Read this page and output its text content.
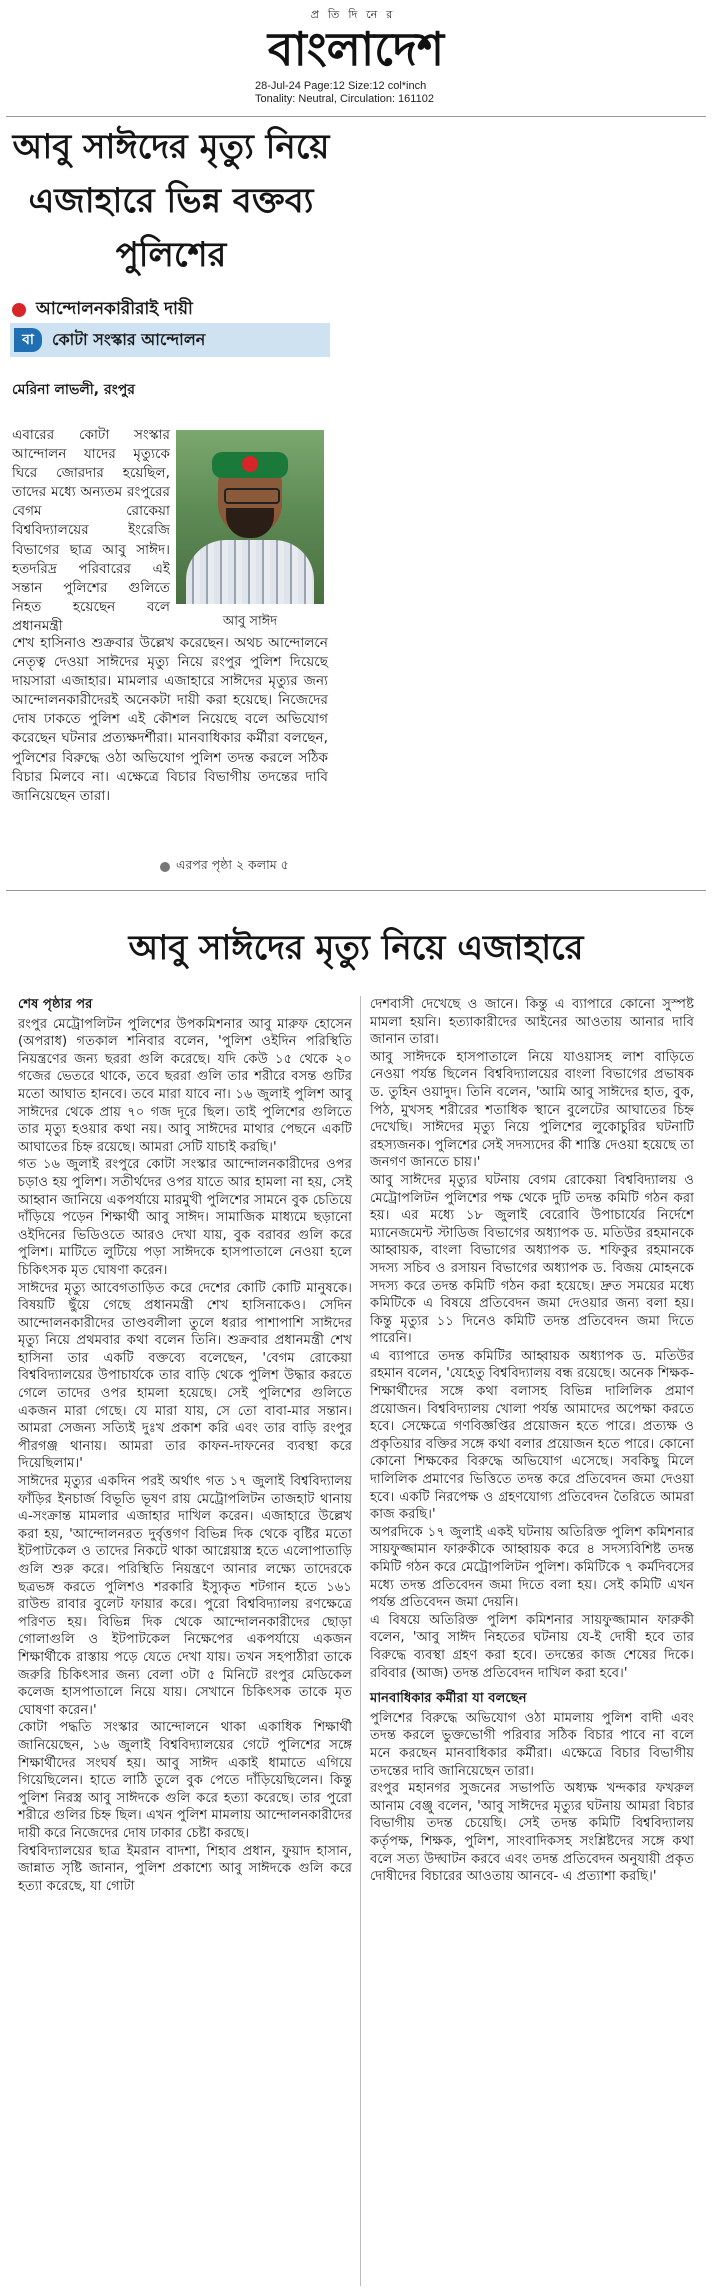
প্রতিদিনের
বাংলাদেশ
28-Jul-24 Page:12 Size:12 col*inch
Tonality: Neutral, Circulation: 161102
আবু সাঈদের মৃত্যু নিয়ে এজাহারে ভিন্ন বক্তব্য পুলিশের
আন্দোলনকারীরাই দায়ী
বা	কোটা সংস্কার আন্দোলন
মেরিনা লাভলী, রংপুর
এবারের কোটা সংস্কার আন্দোলন যাদের মৃত্যুকে ঘিরে জোরদার হয়েছিল, তাদের মধ্যে অন্যতম রংপুরের বেগম রোকেয়া বিশ্ববিদ্যালয়ের ইংরেজি বিভাগের ছাত্র আবু সাঈদ। হতদরিদ্র পরিবারের এই সন্তান পুলিশের গুলিতে নিহত হয়েছেন বলে প্রধানমন্ত্রী	আবু সাঈদ
শেখ হাসিনাও শুক্রবার উল্লেখ করেছেন। অথচ আন্দোলনে নেতৃত্ব দেওয়া সাঈদের মৃত্যু নিয়ে রংপুর পুলিশ দিয়েছে দায়সারা এজাহার। মামলার এজাহারে সাঈদের মৃত্যুর জন্য আন্দোলনকারীদেরই অনেকটা দায়ী করা হয়েছে। নিজেদের দোষ ঢাকতে পুলিশ এই কৌশল নিয়েছে বলে অভিযোগ করেছেন ঘটনার প্রত্যক্ষদর্শীরা। মানবাধিকার কর্মীরা বলছেন, পুলিশের বিরুদ্ধে ওঠা অভিযোগ পুলিশ তদন্ত করলে সঠিক বিচার মিলবে না। এক্ষেত্রে বিচার বিভাগীয় তদন্তের দাবি জানিয়েছেন তারা।
এরপর পৃষ্ঠা ২ কলাম ৫
আবু সাঈদের মৃত্যু নিয়ে এজাহারে

শেষ পৃষ্ঠার পর

রংপুর মেট্রোপলিটন পুলিশের উপকমিশনার আবু মারুফ হোসেন (অপরাধ) গতকাল শনিবার বলেন, 'পুলিশ ওইদিন পরিস্থিতি নিয়ন্ত্রণের জন্য ছররা গুলি করেছে। যদি কেউ ১৫ থেকে ২০ গজের ভেতরে থাকে, তবে ছররা গুলি তার শরীরে বসন্ত গুটির মতো আঘাত হানবে। তবে মারা যাবে না। ১৬ জুলাই পুলিশ আবু সাঈদের থেকে প্রায় ৭০ গজ দূরে ছিল। তাই পুলিশের গুলিতে তার মৃত্যু হওয়ার কথা নয়। আবু সাঈদের মাথার পেছনে একটি আঘাতের চিহ্ন রয়েছে। আমরা সেটি যাচাই করছি।'

গত ১৬ জুলাই রংপুরে কোটা সংস্কার আন্দোলনকারীদের ওপর চড়াও হয় পুলিশ। সতীর্থদের ওপর যাতে আর হামলা না হয়, সেই আহ্বান জানিয়ে একপর্যায়ে মারমুখী পুলিশের সামনে বুক চেতিয়ে দাঁড়িয়ে পড়েন শিক্ষার্থী আবু সাঈদ। সামাজিক মাধ্যমে ছড়ানো ওইদিনের ভিডিওতে আরও দেখা যায়, বুক বরাবর গুলি করে পুলিশ। মাটিতে লুটিয়ে পড়া সাঈদকে হাসপাতালে নেওয়া হলে চিকিৎসক মৃত ঘোষণা করেন।

সাঈদের মৃত্যু আবেগতাড়িত করে দেশের কোটি কোটি মানুষকে। বিষয়টি ছুঁয়ে গেছে প্রধানমন্ত্রী শেখ হাসিনাকেও। সেদিন আন্দোলনকারীদের তাণ্ডবলীলা তুলে ধরার পাশাপাশি সাঈদের মৃত্যু নিয়ে প্রথমবার কথা বলেন তিনি। শুক্রবার প্রধানমন্ত্রী শেখ হাসিনা তার একটি বক্তব্যে বলেছেন, 'বেগম রোকেয়া বিশ্ববিদ্যালয়ের উপাচার্যকে তার বাড়ি থেকে পুলিশ উদ্ধার করতে গেলে তাদের ওপর হামলা হয়েছে। সেই পুলিশের গুলিতে একজন মারা গেছে। যে মারা যায়, সে তো বাবা-মার সন্তান। আমরা সেজন্য সত্যিই দুঃখ প্রকাশ করি এবং তার বাড়ি রংপুর পীরগঞ্জ থানায়। আমরা তার কাফন-দাফনের ব্যবস্থা করে দিয়েছিলাম।'

সাঈদের মৃত্যুর একদিন পরই অর্থাৎ গত ১৭ জুলাই বিশ্ববিদ্যালয় ফাঁড়ির ইনচার্জ বিভূতি ভূষণ রায় মেট্রোপলিটন তাজহাট থানায় এ-সংক্রান্ত মামলার এজাহার দাখিল করেন। এজাহারে উল্লেখ করা হয়, 'আন্দোলনরত দুর্বৃত্তগণ বিভিন্ন দিক থেকে বৃষ্টির মতো ইটপাটকেল ও তাদের নিকটে থাকা আগ্নেয়াস্ত্র হতে এলোপাতাড়ি গুলি শুরু করে। পরিস্থিতি নিয়ন্ত্রণে আনার লক্ষ্যে তাদেরকে ছত্রভঙ্গ করতে পুলিশও শরকারি ইস্যুকৃত শটগান হতে ১৬১ রাউন্ড রাবার বুলেট ফায়ার করে। পুরো বিশ্ববিদ্যালয় রণক্ষেত্রে পরিণত হয়। বিভিন্ন দিক থেকে আন্দোলনকারীদের ছোড়া গোলাগুলি ও ইটপাটকেল নিক্ষেপের একপর্যায়ে একজন শিক্ষার্থীকে রাস্তায় পড়ে যেতে দেখা যায়। তখন সহপাঠীরা তাকে জরুরি চিকিৎসার জন্য বেলা ৩টা ৫ মিনিটে রংপুর মেডিকেল কলেজ হাসপাতালে নিয়ে যায়। সেখানে চিকিৎসক তাকে মৃত ঘোষণা করেন।'

কোটা পদ্ধতি সংস্কার আন্দোলনে থাকা একাধিক শিক্ষার্থী জানিয়েছেন, ১৬ জুলাই বিশ্ববিদ্যালয়ের গেটে পুলিশের সঙ্গে শিক্ষার্থীদের সংঘর্ষ হয়। আবু সাঈদ একাই ধামাতে এগিয়ে গিয়েছিলেন। হাতে লাঠি তুলে বুক পেতে দাঁড়িয়েছিলেন। কিন্তু পুলিশ নিরস্ত্র আবু সাঈদকে গুলি করে হত্যা করেছে। তার পুরো শরীরে গুলির চিহ্ন ছিল। এখন পুলিশ মামলায় আন্দোলনকারীদের দায়ী করে নিজেদের দোষ ঢাকার চেষ্টা করছে।

বিশ্ববিদ্যালয়ের ছাত্র ইমরান বাদশা, শিহাব প্রধান, ফুয়াদ হাসান, জান্নাত সৃষ্টি জানান, পুলিশ প্রকাশ্যে আবু সাঈদকে গুলি করে হত্যা করেছে, যা গোটা

দেশবাসী দেখেছে ও জানে। কিন্তু এ ব্যাপারে কোনো সুস্পষ্ট মামলা হয়নি। হত্যাকারীদের আইনের আওতায় আনার দাবি জানান তারা।

আবু সাঈদকে হাসপাতালে নিয়ে যাওয়াসহ লাশ বাড়িতে নেওয়া পর্যন্ত ছিলেন বিশ্ববিদ্যালয়ের বাংলা বিভাগের প্রভাষক ড. তুহিন ওয়াদুদ। তিনি বলেন, 'আমি আবু সাঈদের হাত, বুক, পিঠ, মুখসহ শরীরের শতাধিক স্থানে বুলেটের আঘাতের চিহ্ন দেখেছি। সাঈদের মৃত্যু নিয়ে পুলিশের লুকোচুরির ঘটনাটি রহস্যজনক। পুলিশের সেই সদস্যদের কী শাস্তি দেওয়া হয়েছে তা জনগণ জানতে চায়।'

আবু সাঈদের মৃত্যুর ঘটনায় বেগম রোকেয়া বিশ্ববিদ্যালয় ও মেট্রোপলিটন পুলিশের পক্ষ থেকে দুটি তদন্ত কমিটি গঠন করা হয়। এর মধ্যে ১৮ জুলাই বেরোবি উপাচার্যের নির্দেশে ম্যানেজমেন্ট স্টাডিজ বিভাগের অধ্যাপক ড. মতিউর রহমানকে আহ্বায়ক, বাংলা বিভাগের অধ্যাপক ড. শফিকুর রহমানকে সদস্য সচিব ও রসায়ন বিভাগের অধ্যাপক ড. বিজয় মোহনকে সদস্য করে তদন্ত কমিটি গঠন করা হয়েছে। দ্রুত সময়ের মধ্যে কমিটিকে এ বিষয়ে প্রতিবেদন জমা দেওয়ার জন্য বলা হয়। কিন্তু মৃত্যুর ১১ দিনেও কমিটি তদন্ত প্রতিবেদন জমা দিতে পারেনি।

এ ব্যাপারে তদন্ত কমিটির আহ্বায়ক অধ্যাপক ড. মতিউর রহমান বলেন, 'যেহেতু বিশ্ববিদ্যালয় বন্ধ রয়েছে। অনেক শিক্ষক-শিক্ষার্থীদের সঙ্গে কথা বলাসহ বিভিন্ন দালিলিক প্রমাণ প্রয়োজন। বিশ্ববিদ্যালয় খোলা পর্যন্ত আমাদের অপেক্ষা করতে হবে। সেক্ষেত্রে গণবিজ্ঞপ্তির প্রয়োজন হতে পারে। প্রত্যক্ষ ও প্রকৃতিয়ার বক্তির সঙ্গে কথা বলার প্রয়োজন হতে পারে। কোনো কোনো শিক্ষকের বিরুদ্ধে অভিযোগ এসেছে। সবকিছু মিলে দালিলিক প্রমাণের ভিত্তিতে তদন্ত করে প্রতিবেদন জমা দেওয়া হবে। একটি নিরপেক্ষ ও গ্রহণযোগ্য প্রতিবেদন তৈরিতে আমরা কাজ করছি।'

অপরদিকে ১৭ জুলাই একই ঘটনায় অতিরিক্ত পুলিশ কমিশনার সায়ফুজ্জামান ফারুকীকে আহ্বায়ক করে ৪ সদস্যবিশিষ্ট তদন্ত কমিটি গঠন করে মেট্রোপলিটন পুলিশ। কমিটিকে ৭ কর্মদিবসের মধ্যে তদন্ত প্রতিবেদন জমা দিতে বলা হয়। সেই কমিটি এখন পর্যন্ত প্রতিবেদন জমা দেয়নি।

এ বিষয়ে অতিরিক্ত পুলিশ কমিশনার সায়ফুজ্জামান ফারুকী বলেন, 'আবু সাঈদ নিহতের ঘটনায় যে-ই দোষী হবে তার বিরুদ্ধে ব্যবস্থা গ্রহণ করা হবে। তদন্তের কাজ শেষের দিকে। রবিবার (আজ) তদন্ত প্রতিবেদন দাখিল করা হবে।'

মানবাধিকার কর্মীরা যা বলছেন

পুলিশের বিরুদ্ধে অভিযোগ ওঠা মামলায় পুলিশ বাদী এবং তদন্ত করলে ভুক্তভোগী পরিবার সঠিক বিচার পাবে না বলে মনে করছেন মানবাধিকার কর্মীরা। এক্ষেত্রে বিচার বিভাগীয় তদন্তের দাবি জানিয়েছেন তারা।

রংপুর মহানগর সুজনের সভাপতি অধ্যক্ষ খন্দকার ফখরুল আনাম বেঞ্জু বলেন, 'আবু সাঈদের মৃত্যুর ঘটনায় আমরা বিচার বিভাগীয় তদন্ত চেয়েছি। সেই তদন্ত কমিটি বিশ্ববিদ্যালয় কর্তৃপক্ষ, শিক্ষক, পুলিশ, সাংবাদিকসহ সংশ্লিষ্টদের সঙ্গে কথা বলে সত্য উদ্ঘাটন করবে এবং তদন্ত প্রতিবেদন অনুযায়ী প্রকৃত দোষীদের বিচারের আওতায় আনবে- এ প্রত্যাশা করছি।'
